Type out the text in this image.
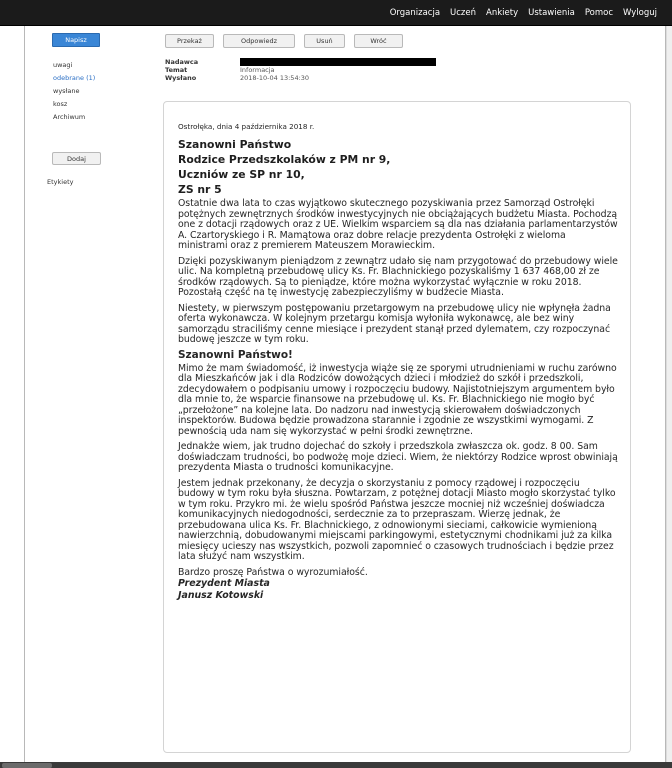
Organizacja	Uczeń	Ankiety	Ustawienia	Pomoc	Wyloguj
Napisz
uwagi
odebrane (1)
wysłane
kosz
Archiwum
Dodaj
Etykiety
Przekaż	Odpowiedz	Usuń	Wróć
Nadawca
Temat	Informacja
Wysłano	2018-10-04 13:54:30
Ostrołęka, dnia 4 października 2018 r.
Szanowni Państwo
Rodzice Przedszkolaków z PM nr 9,
Uczniów ze SP nr 10,
ZS nr 5

Ostatnie dwa lata to czas wyjątkowo skutecznego pozyskiwania przez Samorząd Ostrołęki potężnych zewnętrznych środków inwestycyjnych nie obciążających budżetu Miasta. Pochodzą one z dotacji rządowych oraz z UE. Wielkim wsparciem są dla nas działania parlamentarzystów A. Czartoryskiego i R. Mamątowa oraz dobre relacje prezydenta Ostrołęki z wieloma ministrami oraz z premierem Mateuszem Morawieckim.

Dzięki pozyskiwanym pieniądzom z zewnątrz udało się nam przygotować do przebudowy wiele ulic. Na kompletną przebudowę ulicy Ks. Fr. Blachnickiego pozyskaliśmy 1 637 468,00 zł ze środków rządowych. Są to pieniądze, które można wykorzystać wyłącznie w roku 2018. Pozostałą część na tę inwestycję zabezpieczyliśmy w budżecie Miasta.

Niestety, w pierwszym postępowaniu przetargowym na przebudowę ulicy nie wpłynęła żadna oferta wykonawcza. W kolejnym przetargu komisja wyłoniła wykonawcę, ale bez winy samorządu straciliśmy cenne miesiące i prezydent stanął przed dylematem, czy rozpoczynać budowę jeszcze w tym roku.

Szanowni Państwo!

Mimo że mam świadomość, iż inwestycja wiąże się ze sporymi utrudnieniami w ruchu zarówno dla Mieszkańców jak i dla Rodziców dowożących dzieci i młodzież do szkół i przedszkoli, zdecydowałem o podpisaniu umowy i rozpoczęciu budowy. Najistotniejszym argumentem było dla mnie to, że wsparcie finansowe na przebudowę ul. Ks. Fr. Blachnickiego nie mogło być „przełożone” na kolejne lata. Do nadzoru nad inwestycją skierowałem doświadczonych inspektorów. Budowa będzie prowadzona starannie i zgodnie ze wszystkimi wymogami. Z pewnością uda nam się wykorzystać w pełni środki zewnętrzne.

Jednakże wiem, jak trudno dojechać do szkoły i przedszkola zwłaszcza ok. godz. 8 00. Sam doświadczam trudności, bo podwożę moje dzieci. Wiem, że niektórzy Rodzice wprost obwiniają prezydenta Miasta o trudności komunikacyjne.

Jestem jednak przekonany, że decyzja o skorzystaniu z pomocy rządowej i rozpoczęciu budowy w tym roku była słuszna. Powtarzam, z potężnej dotacji Miasto mogło skorzystać tylko w tym roku. Przykro mi. że wielu spośród Państwa jeszcze mocniej niż wcześniej doświadcza komunikacyjnych niedogodności, serdecznie za to przepraszam. Wierzę jednak, że przebudowana ulica Ks. Fr. Blachnickiego, z odnowionymi sieciami, całkowicie wymienioną nawierzchnią, dobudowanymi miejscami parkingowymi, estetycznymi chodnikami już za kilka miesięcy ucieszy nas wszystkich, pozwoli zapomnieć o czasowych trudnościach i będzie przez lata służyć nam wszystkim.

Bardzo proszę Państwa o wyrozumiałość.

Prezydent Miasta
Janusz Kotowski
